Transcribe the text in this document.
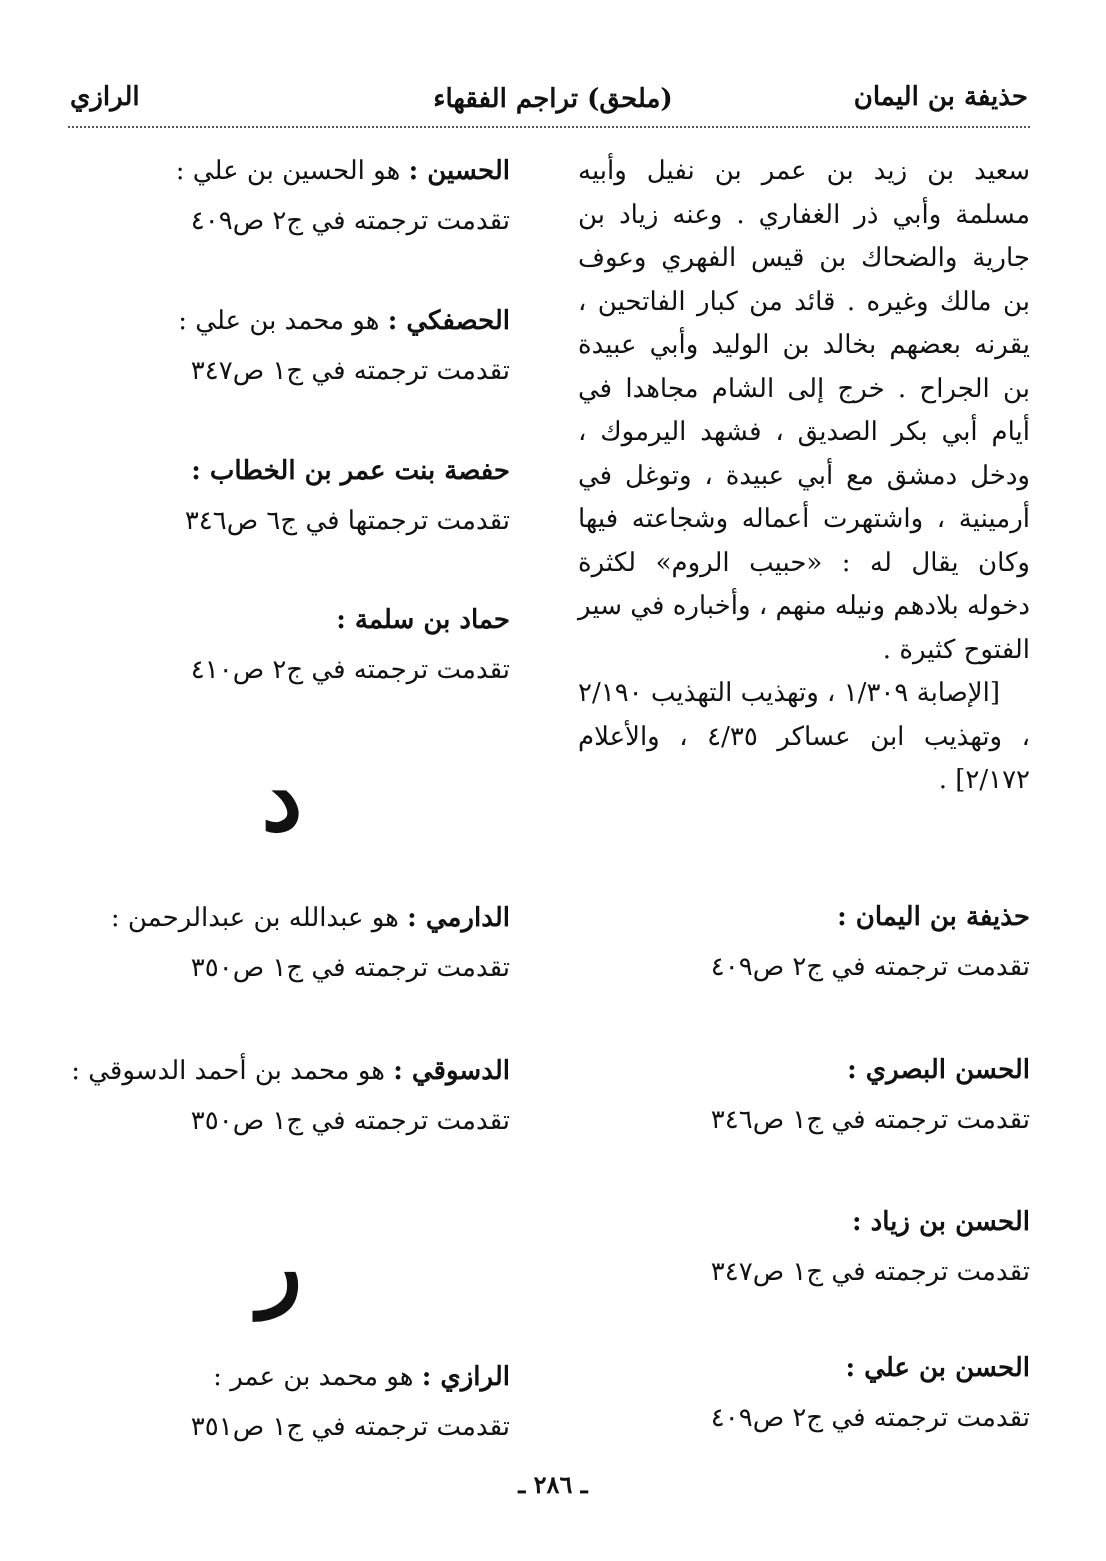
حذيفة بن اليمان
(ملحق) تراجم الفقهاء
الرازي

سعيد بن زيد بن عمر بن نفيل وأبيه مسلمة وأبي ذر الغفاري . وعنه زياد بن جارية والضحاك بن قيس الفهري وعوف بن مالك وغيره . قائد من كبار الفاتحين ، يقرنه بعضهم بخالد بن الوليد وأبي عبيدة بن الجراح . خرج إلى الشام مجاهدا في أيام أبي بكر الصديق ، فشهد اليرموك ، ودخل دمشق مع أبي عبيدة ، وتوغل في أرمينية ، واشتهرت أعماله وشجاعته فيها وكان يقال له : «حبيب الروم» لكثرة دخوله بلادهم ونيله منهم ، وأخباره في سير الفتوح كثيرة .

[الإصابة ١/٣٠٩ ، وتهذيب التهذيب ٢/١٩٠ ، وتهذيب ابن عساكر ٤/٣٥ ، والأعلام ٢/١٧٢] .

حذيفة بن اليمان :
تقدمت ترجمته في ج٢ ص٤٠٩
الحسن البصري :
تقدمت ترجمته في ج١ ص٣٤٦
الحسن بن زياد :
تقدمت ترجمته في ج١ ص٣٤٧
الحسن بن علي :
تقدمت ترجمته في ج٢ ص٤٠٩
الحسين : هو الحسين بن علي :
تقدمت ترجمته في ج٢ ص٤٠٩
الحصفكي : هو محمد بن علي :
تقدمت ترجمته في ج١ ص٣٤٧
حفصة بنت عمر بن الخطاب :
تقدمت ترجمتها في ج٦ ص٣٤٦
حماد بن سلمة :
تقدمت ترجمته في ج٢ ص٤١٠
د
الدارمي : هو عبدالله بن عبدالرحمن :
تقدمت ترجمته في ج١ ص٣٥٠
الدسوقي : هو محمد بن أحمد الدسوقي :
تقدمت ترجمته في ج١ ص٣٥٠
ر
الرازي : هو محمد بن عمر :
تقدمت ترجمته في ج١ ص٣٥١
ـ ٢٨٦ ـ
